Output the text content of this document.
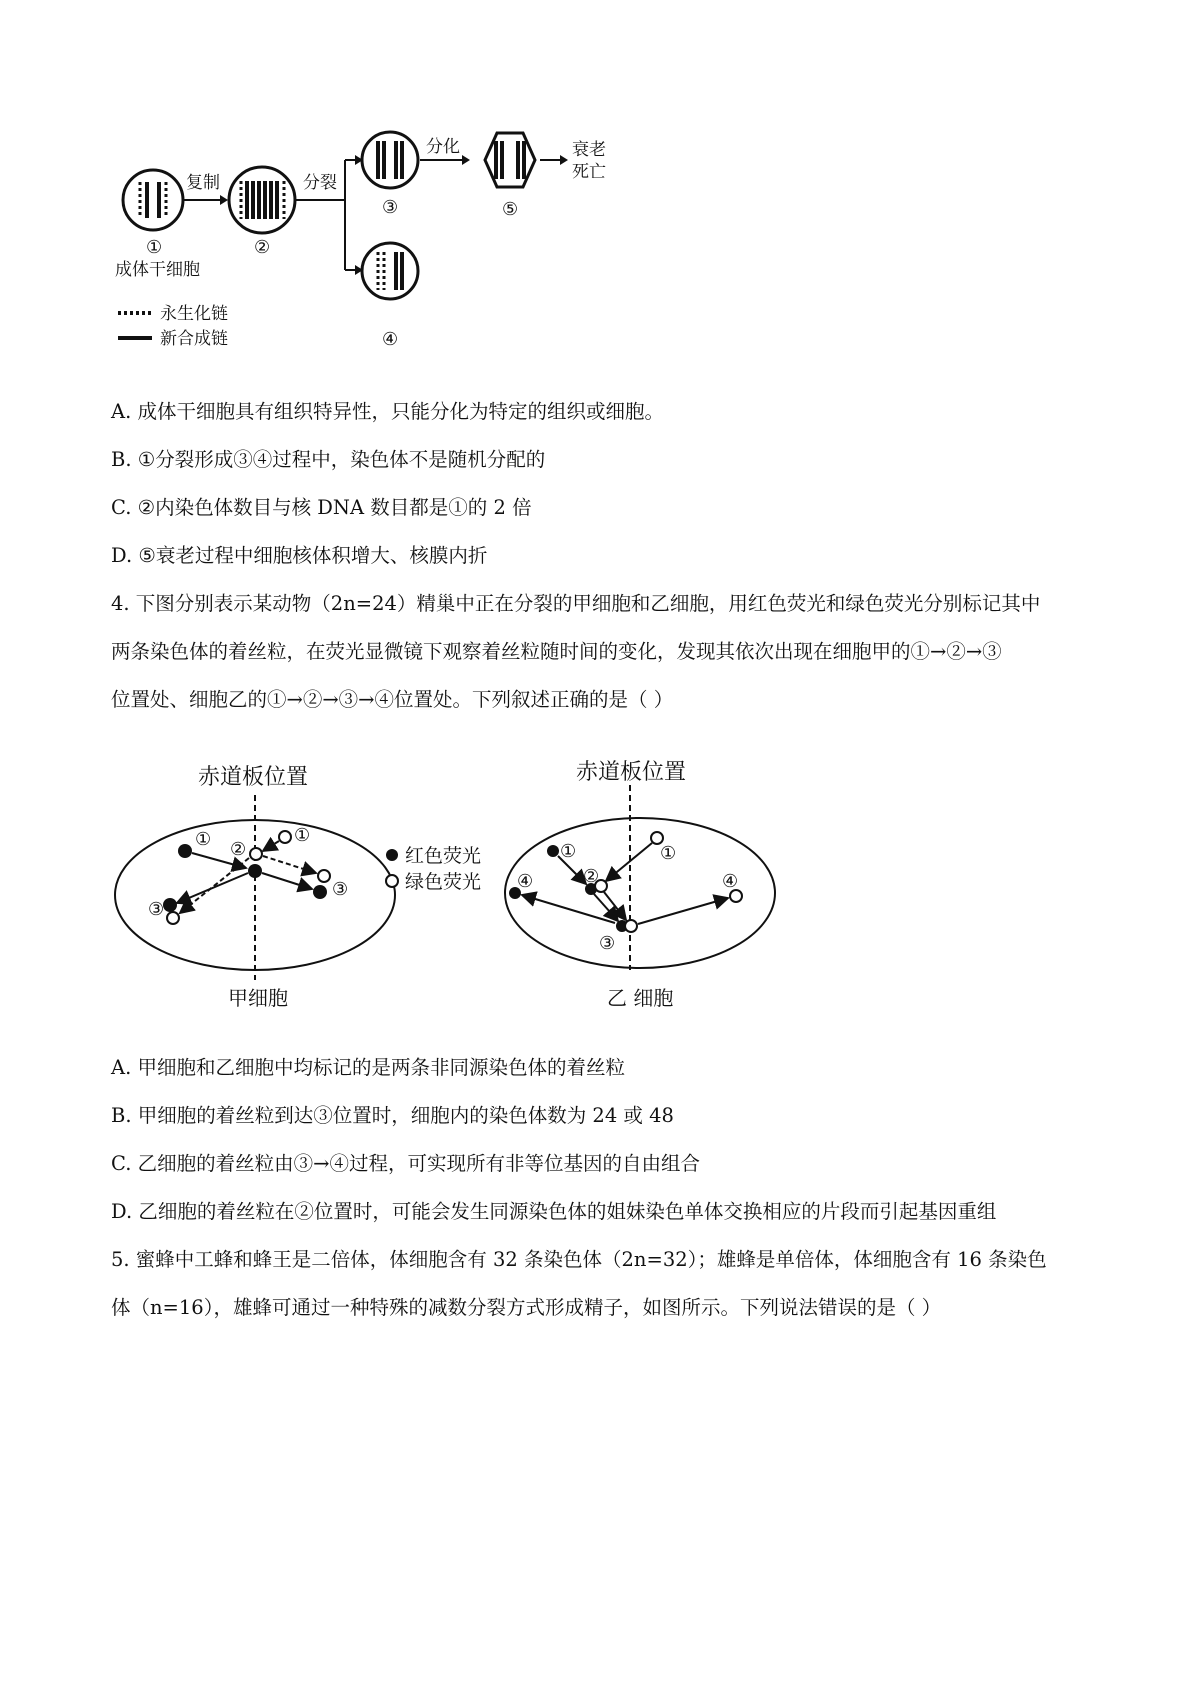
①
成体干细胞
复制
②
分裂
③
分化
⑤
衰老
死亡
④
永生化链
新合成链
A. 成体干细胞具有组织特异性，只能分化为特定的组织或细胞。
B. ①分裂形成③④过程中，染色体不是随机分配的
C. ②内染色体数目与核 DNA 数目都是①的 2 倍
D. ⑤衰老过程中细胞核体积增大、核膜内折
4. 下图分别表示某动物（2n=24）精巢中正在分裂的甲细胞和乙细胞，用红色荧光和绿色荧光分别标记其中
两条染色体的着丝粒，在荧光显微镜下观察着丝粒随时间的变化，发现其依次出现在细胞甲的①→②→③
位置处、细胞乙的①→②→③→④位置处。下列叙述正确的是（ ）
赤道板位置
① ②
①
③
③
甲细胞
红色荧光
绿色荧光
赤道板位置
①	①
②
④	④
③
乙 细胞
A. 甲细胞和乙细胞中均标记的是两条非同源染色体的着丝粒
B. 甲细胞的着丝粒到达③位置时，细胞内的染色体数为 24 或 48
C. 乙细胞的着丝粒由③→④过程，可实现所有非等位基因的自由组合
D. 乙细胞的着丝粒在②位置时，可能会发生同源染色体的姐妹染色单体交换相应的片段而引起基因重组
5. 蜜蜂中工蜂和蜂王是二倍体，体细胞含有 32 条染色体（2n=32）；雄蜂是单倍体，体细胞含有 16 条染色
体（n=16），雄蜂可通过一种特殊的减数分裂方式形成精子，如图所示。下列说法错误的是（ ）
